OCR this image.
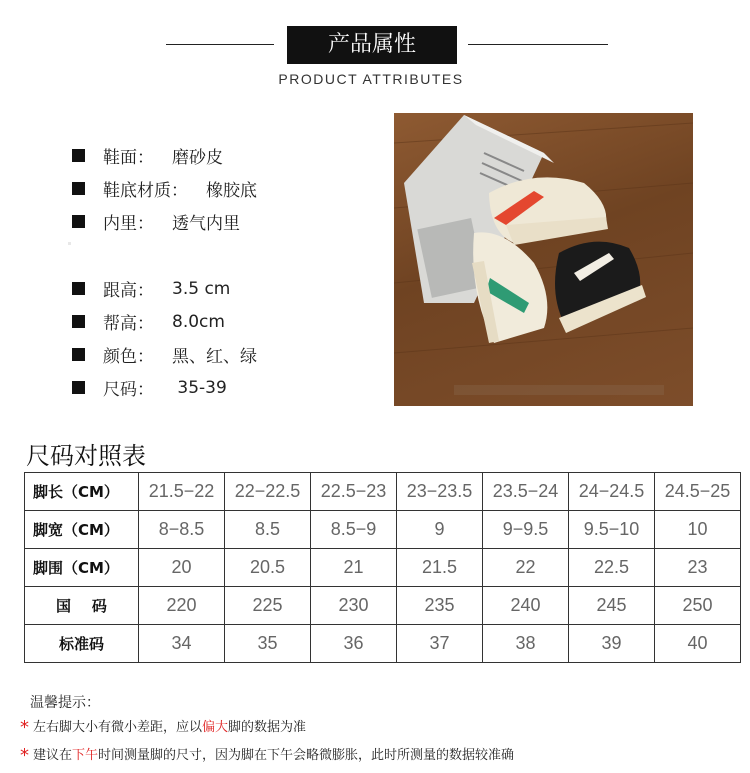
产品属性
PRODUCT ATTRIBUTES
鞋面： 磨砂皮
鞋底材质： 橡胶底
内里： 透气内里
跟高： 3.5 cm
帮高： 8.0cm
颜色： 黑、红、绿
尺码： 35-39
尺码对照表
脚长（CM）	21.5−22	22−22.5	22.5−23	23−23.5	23.5−24	24−24.5	24.5−25
脚宽（CM）	8−8.5	8.5	8.5−9	9	9−9.5	9.5−10	10
脚围（CM）	20	20.5	21	21.5	22	22.5	23
国    码	220	225	230	235	240	245	250
标准码	34	35	36	37	38	39	40
温馨提示：
* 左右脚大小有微小差距，应以偏大脚的数据为准
* 建议在下午时间测量脚的尺寸，因为脚在下午会略微膨胀，此时所测量的数据较准确
